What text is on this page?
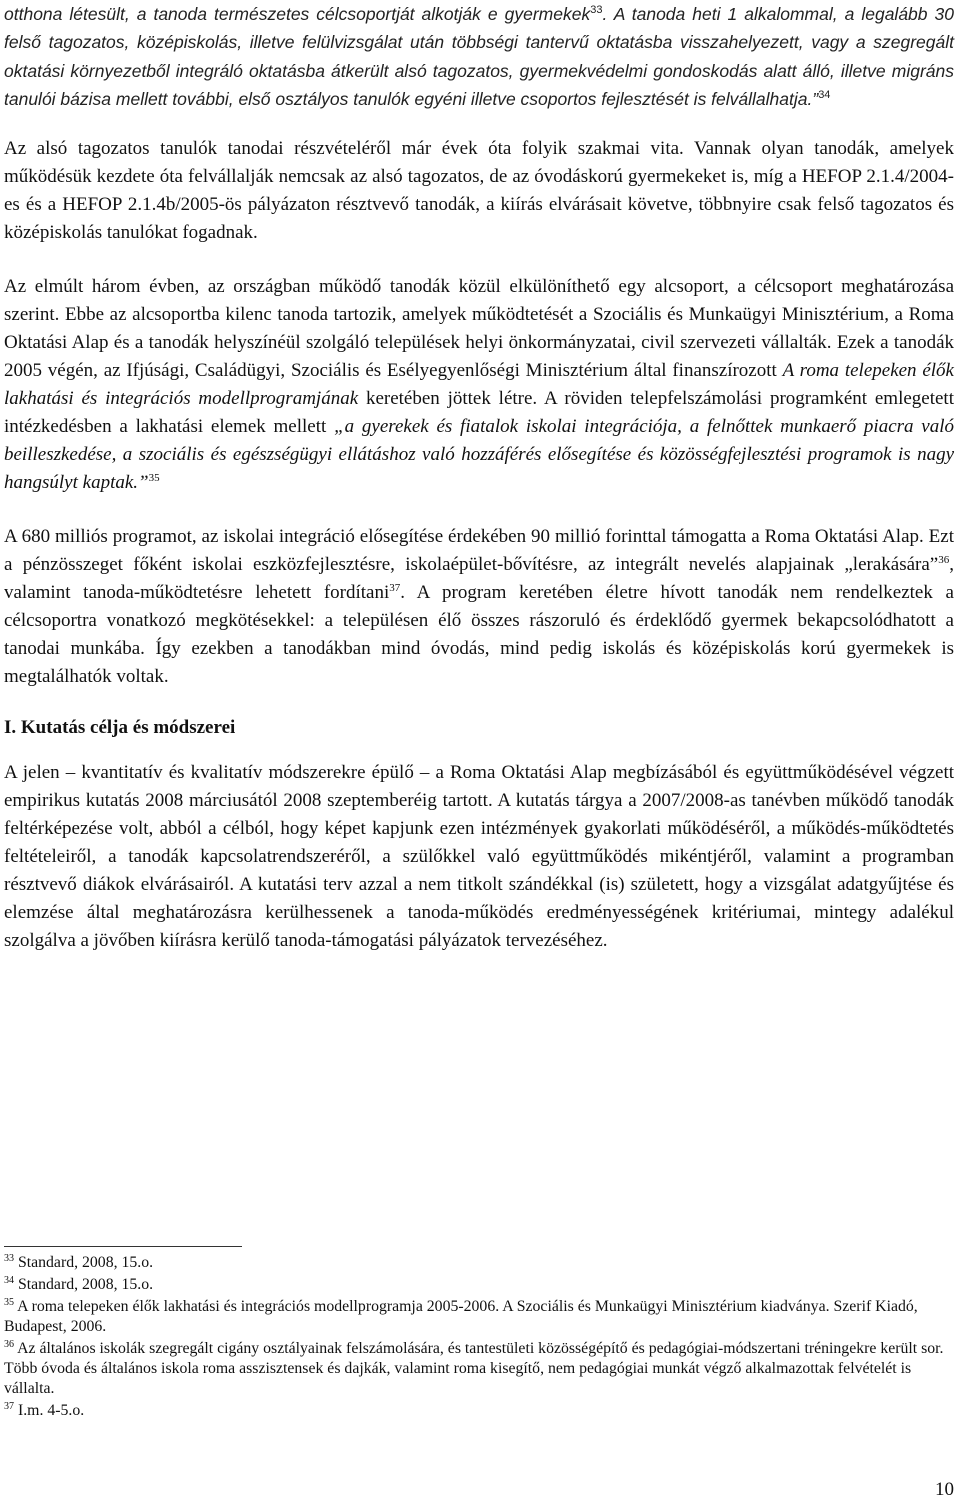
otthona létesült, a tanoda természetes célcsoportját alkotják e gyermekek$^{33}$. A tanoda heti 1 alkalommal, a legalább 30 felső tagozatos, középiskolás, illetve felülvizsgálat után többségi tantervű oktatásba visszahelyezett, vagy a szegregált oktatási környezetből integráló oktatásba átkerült alsó tagozatos, gyermekvédelmi gondoskodás alatt álló, illetve migráns tanulói bázisa mellett további, első osztályos tanulók egyéni illetve csoportos fejlesztését is felvállalhatja.”$^{34}$

Az alsó tagozatos tanulók tanodai részvételéről már évek óta folyik szakmai vita. Vannak olyan tanodák, amelyek működésük kezdete óta felvállalják nemcsak az alsó tagozatos, de az óvodáskorú gyermekeket is, míg a HEFOP 2.1.4/2004-es és a HEFOP 2.1.4b/2005-ös pályázaton résztvevő tanodák, a kiírás elvárásait követve, többnyire csak felső tagozatos és középiskolás tanulókat fogadnak.

Az elmúlt három évben, az országban működő tanodák közül elkülöníthető egy alcsoport, a célcsoport meghatározása szerint. Ebbe az alcsoportba kilenc tanoda tartozik, amelyek működtetését a Szociális és Munkaügyi Minisztérium, a Roma Oktatási Alap és a tanodák helyszínéül szolgáló települések helyi önkormányzatai, civil szervezeti vállalták. Ezek a tanodák 2005 végén, az Ifjúsági, Családügyi, Szociális és Esélyegyenlőségi Minisztérium által finanszírozott A roma telepeken élők lakhatási és integrációs modellprogramjának keretében jöttek létre. A röviden telepfelszámolási programként emlegetett intézkedésben a lakhatási elemek mellett „a gyerekek és fiatalok iskolai integrációja, a felnőttek munkaerő piacra való beilleszkedése, a szociális és egészségügyi ellátáshoz való hozzáférés elősegítése és közösségfejlesztési programok is nagy hangsúlyt kaptak.”$^{35}$

A 680 milliós programot, az iskolai integráció elősegítése érdekében 90 millió forinttal támogatta a Roma Oktatási Alap. Ezt a pénzösszeget főként iskolai eszközfejlesztésre, iskolaépület-bővítésre, az integrált nevelés alapjainak „lerakására”$^{36}$, valamint tanoda-működtetésre lehetett fordítani$^{37}$. A program keretében életre hívott tanodák nem rendelkeztek a célcsoportra vonatkozó megkötésekkel: a településen élő összes rászoruló és érdeklődő gyermek bekapcsolódhatott a tanodai munkába. Így ezekben a tanodákban mind óvodás, mind pedig iskolás és középiskolás korú gyermekek is megtalálhatók voltak.

I. Kutatás célja és módszerei

A jelen – kvantitatív és kvalitatív módszerekre épülő – a Roma Oktatási Alap megbízásából és együttműködésével végzett empirikus kutatás 2008 márciusától 2008 szeptemberéig tartott. A kutatás tárgya a 2007/2008-as tanévben működő tanodák feltérképezése volt, abból a célból, hogy képet kapjunk ezen intézmények gyakorlati működéséről, a működés-működtetés feltételeiről, a tanodák kapcsolatrendszeréről, a szülőkkel való együttműködés mikéntjéről, valamint a programban résztvevő diákok elvárásairól. A kutatási terv azzal a nem titkolt szándékkal (is) született, hogy a vizsgálat adatgyűjtése és elemzése által meghatározásra kerülhessenek a tanoda-működés eredményességének kritériumai, mintegy adalékul szolgálva a jövőben kiírásra kerülő tanoda-támogatási pályázatok tervezéséhez.

$^{33}$ Standard, 2008, 15.o.

$^{34}$ Standard, 2008, 15.o.

$^{35}$ A roma telepeken élők lakhatási és integrációs modellprogramja 2005-2006. A Szociális és Munkaügyi Minisztérium kiadványa. Szerif Kiadó, Budapest, 2006.

$^{36}$ Az általános iskolák szegregált cigány osztályainak felszámolására, és tantestületi közösségépítő és pedagógiai-módszertani tréningekre került sor. Több óvoda és általános iskola roma asszisztensek és dajkák, valamint roma kisegítő, nem pedagógiai munkát végző alkalmazottak felvételét is vállalta.

$^{37}$ I.m. 4-5.o.

10
